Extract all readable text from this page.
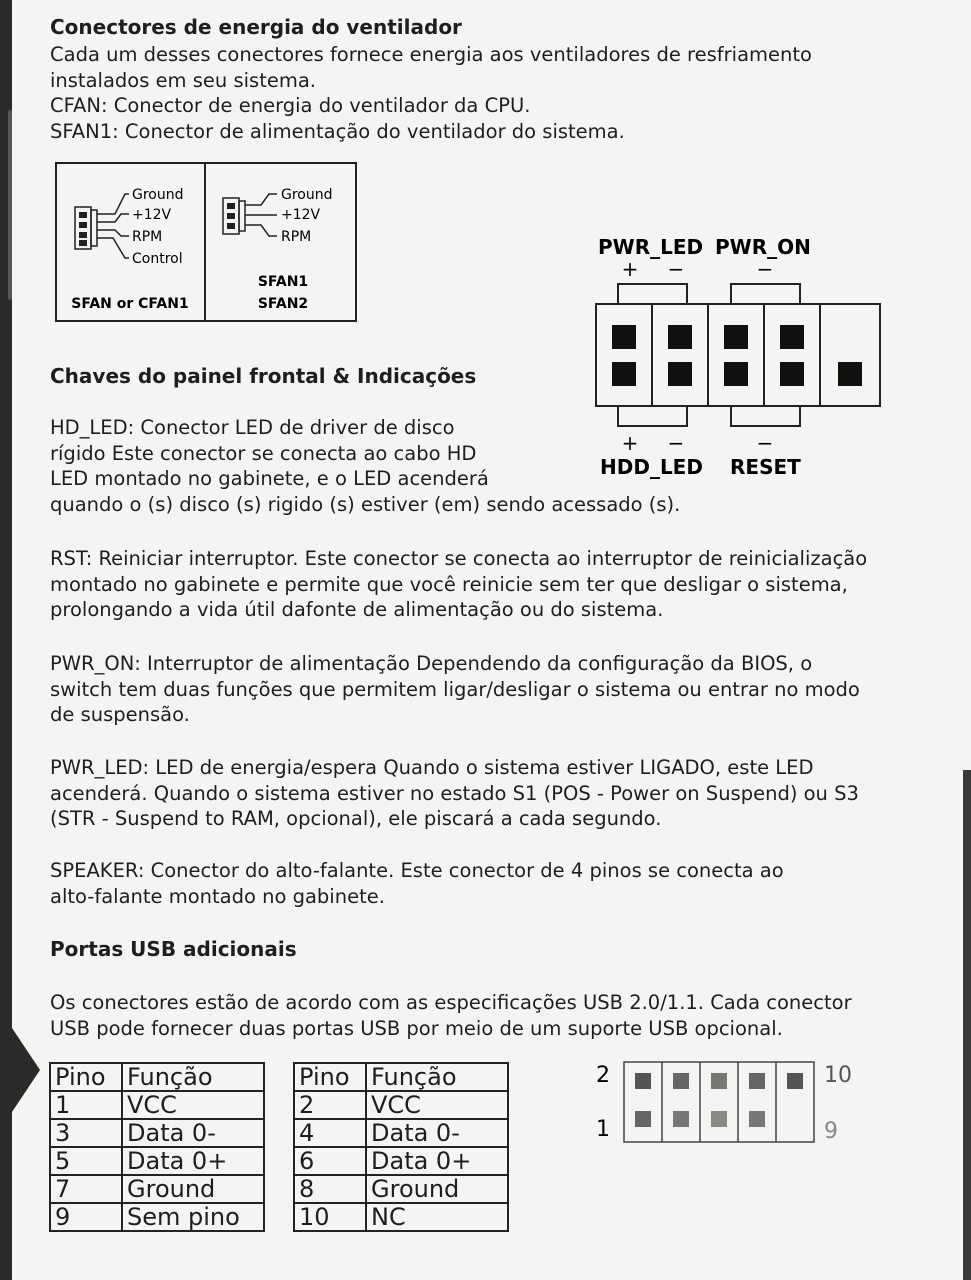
Conectores de energia do ventilador
Cada um desses conectores fornece energia aos ventiladores de resfriamento
instalados em seu sistema.
CFAN: Conector de energia do ventilador da CPU.
SFAN1: Conector de alimentação do ventilador do sistema.
Ground
+12V
RPM
Control
SFAN or CFAN1
Ground
+12V
RPM
SFAN1
SFAN2
PWR_LED PWR_ON
+ −	−
+ −	−
HDD_LED RESET
Chaves do painel frontal & Indicações
HD_LED: Conector LED de driver de disco
rígido Este conector se conecta ao cabo HD
LED montado no gabinete, e o LED acenderá
quando o (s) disco (s) rigido (s) estiver (em) sendo acessado (s).
RST: Reiniciar interruptor. Este conector se conecta ao interruptor de reinicialização
montado no gabinete e permite que você reinicie sem ter que desligar o sistema,
prolongando a vida útil dafonte de alimentação ou do sistema.
PWR_ON: Interruptor de alimentação Dependendo da configuração da BIOS, o
switch tem duas funções que permitem ligar/desligar o sistema ou entrar no modo
de suspensão.
PWR_LED: LED de energia/espera Quando o sistema estiver LIGADO, este LED
acenderá. Quando o sistema estiver no estado S1 (POS - Power on Suspend) ou S3
(STR - Suspend to RAM, opcional), ele piscará a cada segundo.
SPEAKER: Conector do alto-falante. Este conector de 4 pinos se conecta ao
alto-falante montado no gabinete.
Portas USB adicionais
Os conectores estão de acordo com as especificações USB 2.0/1.1. Cada conector
USB pode fornecer duas portas USB por meio de um suporte USB opcional.
Pino	Função
1	VCC
3	Data 0-
5	Data 0+
7	Ground
9	Sem pino
Pino	Função
2	VCC
4	Data 0-
6	Data 0+
8	Ground
10	NC
2	10
1	9
